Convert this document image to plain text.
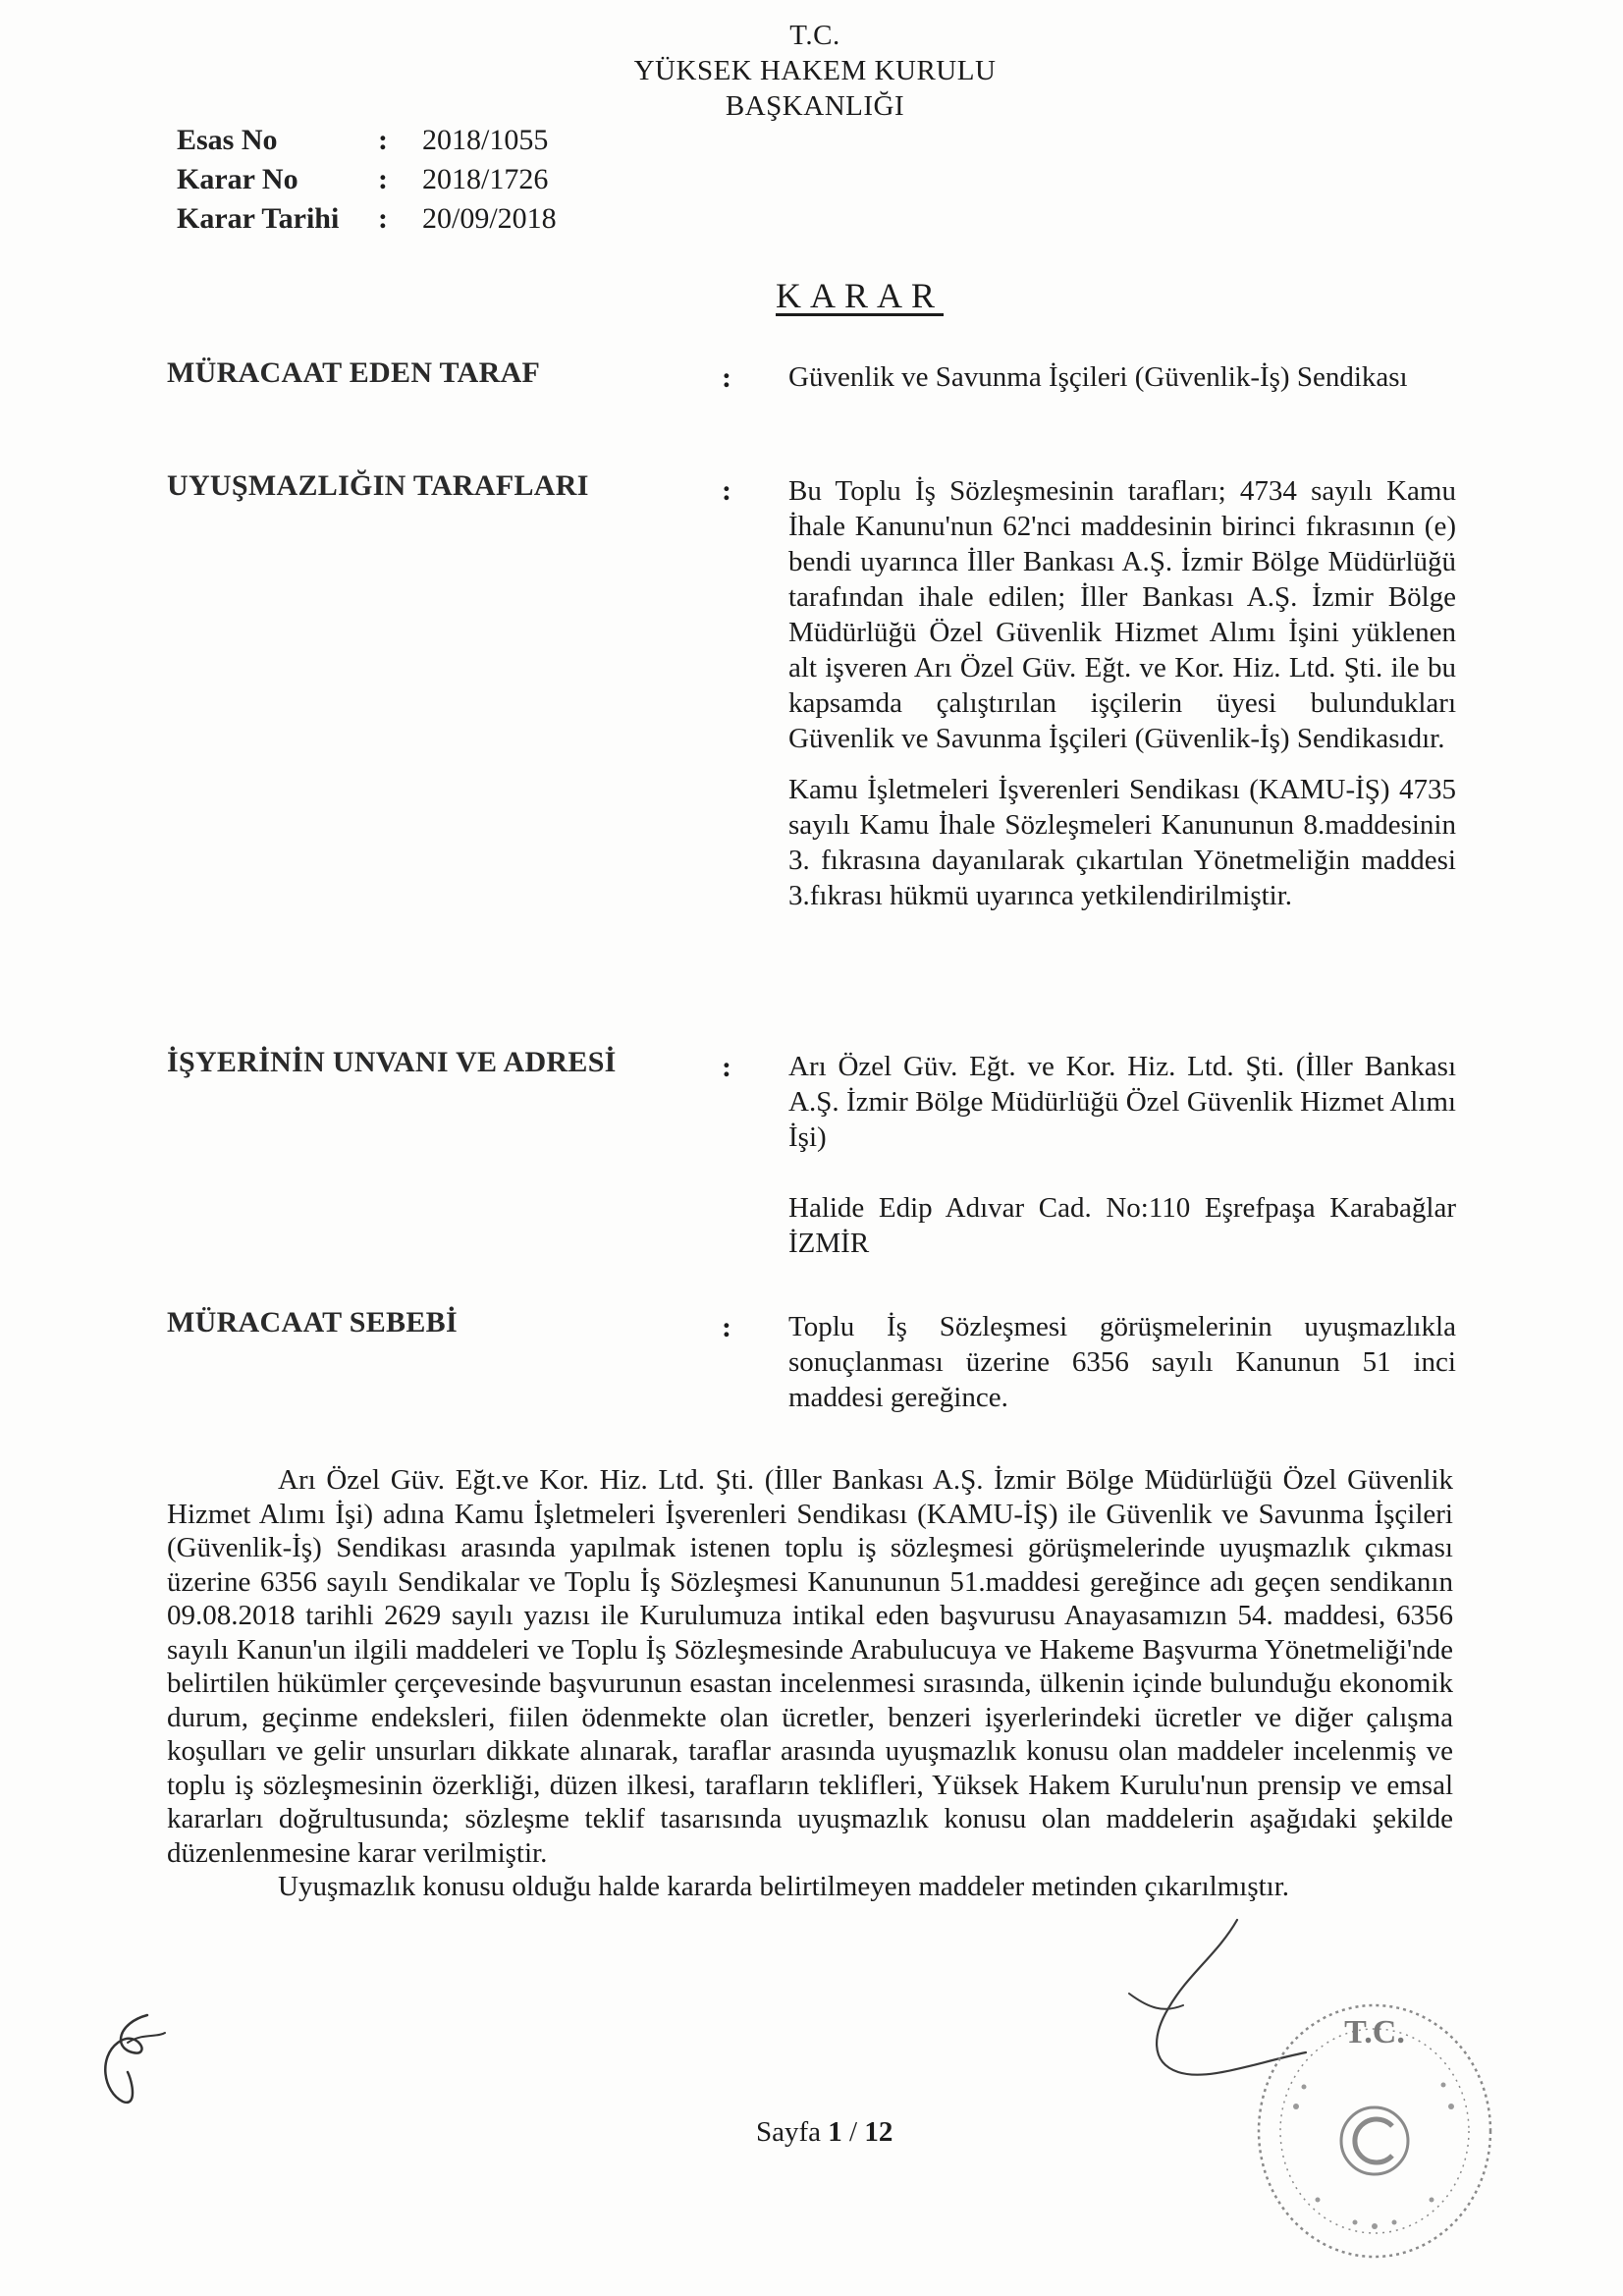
T.C.
YÜKSEK HAKEM KURULU
BAŞKANLIĞI
Esas No	:	2018/1055
Karar No	:	2018/1726
Karar Tarihi	:	20/09/2018
KARAR
MÜRACAAT EDEN TARAF	: Güvenlik ve Savunma İşçileri (Güvenlik-İş) Sendikası

UYUŞMAZLIĞIN TARAFLARI	: Bu Toplu İş Sözleşmesinin tarafları; 4734 sayılı Kamu İhale Kanunu'nun 62'nci maddesinin birinci fıkrasının (e) bendi uyarınca İller Bankası A.Ş. İzmir Bölge Müdürlüğü tarafından ihale edilen; İller Bankası A.Ş. İzmir Bölge Müdürlüğü Özel Güvenlik Hizmet Alımı İşini yüklenen alt işveren Arı Özel Güv. Eğt. ve Kor. Hiz. Ltd. Şti. ile bu kapsamda çalıştırılan işçilerin üyesi bulundukları Güvenlik ve Savunma İşçileri (Güvenlik-İş) Sendikasıdır.

Kamu İşletmeleri İşverenleri Sendikası (KAMU-İŞ) 4735 sayılı Kamu İhale Sözleşmeleri Kanununun 8.maddesinin 3. fıkrasına dayanılarak çıkartılan Yönetmeliğin maddesi 3.fıkrası hükmü uyarınca yetkilendirilmiştir.

İŞYERİNİN UNVANI VE ADRESİ	: Arı Özel Güv. Eğt. ve Kor. Hiz. Ltd. Şti. (İller Bankası A.Ş. İzmir Bölge Müdürlüğü Özel Güvenlik Hizmet Alımı İşi)

Halide Edip Adıvar Cad. No:110 Eşrefpaşa Karabağlar İZMİR

MÜRACAAT SEBEBİ	: Toplu İş Sözleşmesi görüşmelerinin uyuşmazlıkla sonuçlanması üzerine 6356 sayılı Kanunun 51 inci maddesi gereğince.

Arı Özel Güv. Eğt.ve Kor. Hiz. Ltd. Şti. (İller Bankası A.Ş. İzmir Bölge Müdürlüğü Özel Güvenlik Hizmet Alımı İşi) adına Kamu İşletmeleri İşverenleri Sendikası (KAMU-İŞ) ile Güvenlik ve Savunma İşçileri (Güvenlik-İş) Sendikası arasında yapılmak istenen toplu iş sözleşmesi görüşmelerinde uyuşmazlık çıkması üzerine 6356 sayılı Sendikalar ve Toplu İş Sözleşmesi Kanununun 51.maddesi gereğince adı geçen sendikanın 09.08.2018 tarihli 2629 sayılı yazısı ile Kurulumuza intikal eden başvurusu Anayasamızın 54. maddesi, 6356 sayılı Kanun'un ilgili maddeleri ve Toplu İş Sözleşmesinde Arabulucuya ve Hakeme Başvurma Yönetmeliği'nde belirtilen hükümler çerçevesinde başvurunun esastan incelenmesi sırasında, ülkenin içinde bulunduğu ekonomik durum, geçinme endeksleri, fiilen ödenmekte olan ücretler, benzeri işyerlerindeki ücretler ve diğer çalışma koşulları ve gelir unsurları dikkate alınarak, taraflar arasında uyuşmazlık konusu olan maddeler incelenmiş ve toplu iş sözleşmesinin özerkliği, düzen ilkesi, tarafların teklifleri, Yüksek Hakem Kurulu'nun prensip ve emsal kararları doğrultusunda; sözleşme teklif tasarısında uyuşmazlık konusu olan maddelerin aşağıdaki şekilde düzenlenmesine karar verilmiştir.

Uyuşmazlık konusu olduğu halde kararda belirtilmeyen maddeler metinden çıkarılmıştır.

Sayfa 1 / 12
T.C.
